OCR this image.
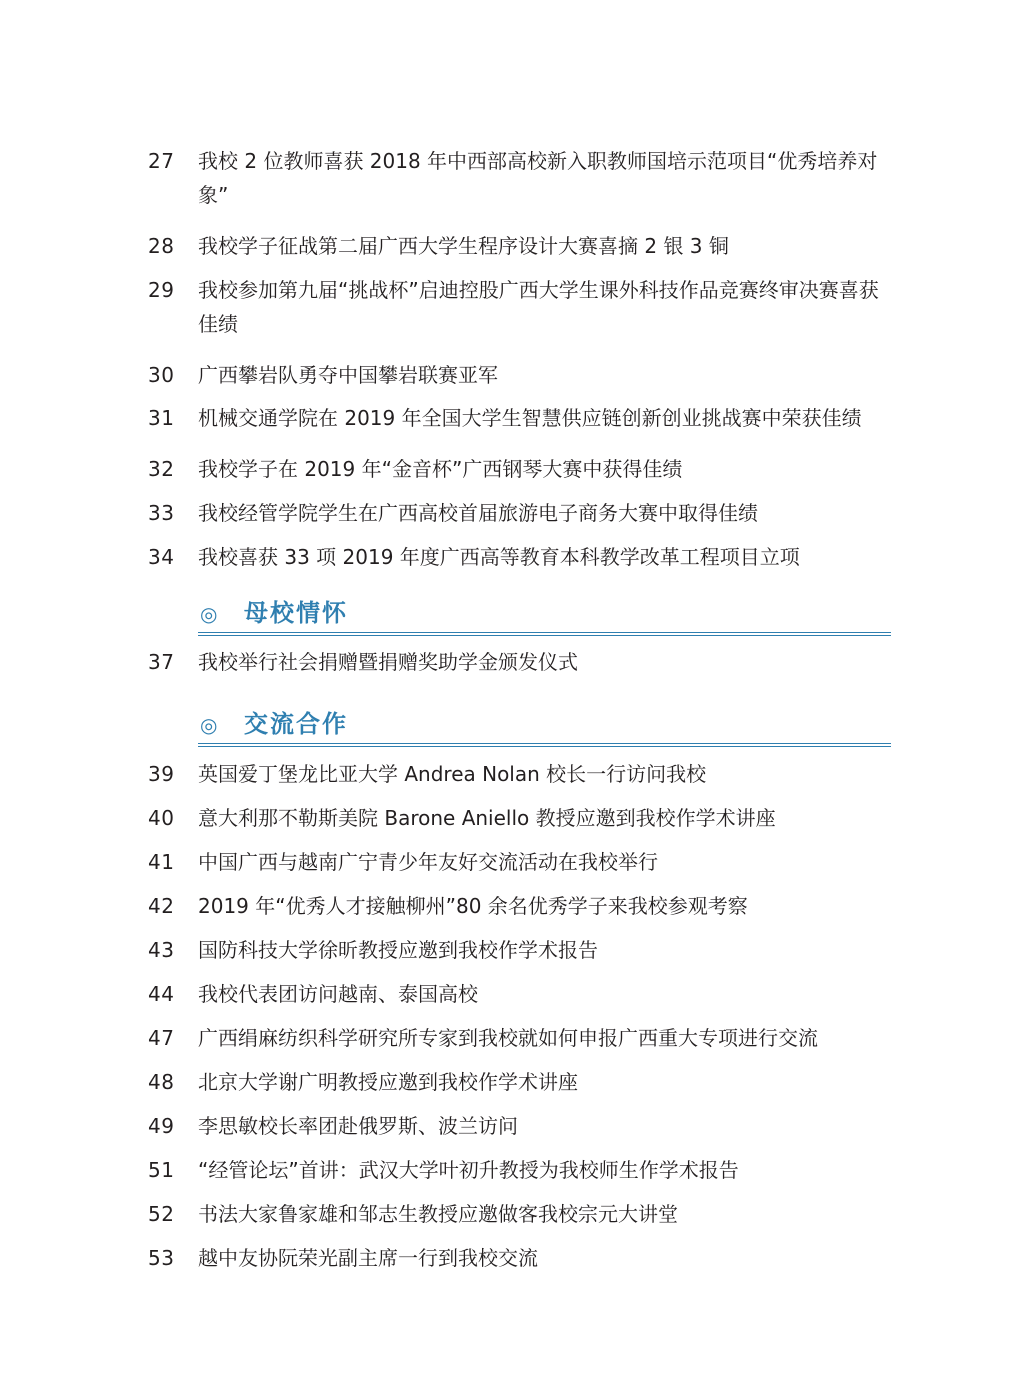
27	我校 2 位教师喜获 2018 年中西部高校新入职教师国培示范项目“优秀培养对象”
28	我校学子征战第二届广西大学生程序设计大赛喜摘 2 银 3 铜
29	我校参加第九届“挑战杯”启迪控股广西大学生课外科技作品竞赛终审决赛喜获佳绩
30	广西攀岩队勇夺中国攀岩联赛亚军
31	机械交通学院在 2019 年全国大学生智慧供应链创新创业挑战赛中荣获佳绩
32	我校学子在 2019 年“金音杯”广西钢琴大赛中获得佳绩
33	我校经管学院学生在广西高校首届旅游电子商务大赛中取得佳绩
34	我校喜获 33 项 2019 年度广西高等教育本科教学改革工程项目立项
◎ 母校情怀
37	我校举行社会捐赠暨捐赠奖助学金颁发仪式
◎ 交流合作
39	英国爱丁堡龙比亚大学 Andrea Nolan 校长一行访问我校
40	意大利那不勒斯美院 Barone Aniello 教授应邀到我校作学术讲座
41	中国广西与越南广宁青少年友好交流活动在我校举行
42	2019 年“优秀人才接触柳州”80 余名优秀学子来我校参观考察
43	国防科技大学徐昕教授应邀到我校作学术报告
44	我校代表团访问越南、泰国高校
47	广西绢麻纺织科学研究所专家到我校就如何申报广西重大专项进行交流
48	北京大学谢广明教授应邀到我校作学术讲座
49	李思敏校长率团赴俄罗斯、波兰访问
51	“经管论坛”首讲：武汉大学叶初升教授为我校师生作学术报告
52	书法大家鲁家雄和邹志生教授应邀做客我校宗元大讲堂
53	越中友协阮荣光副主席一行到我校交流
